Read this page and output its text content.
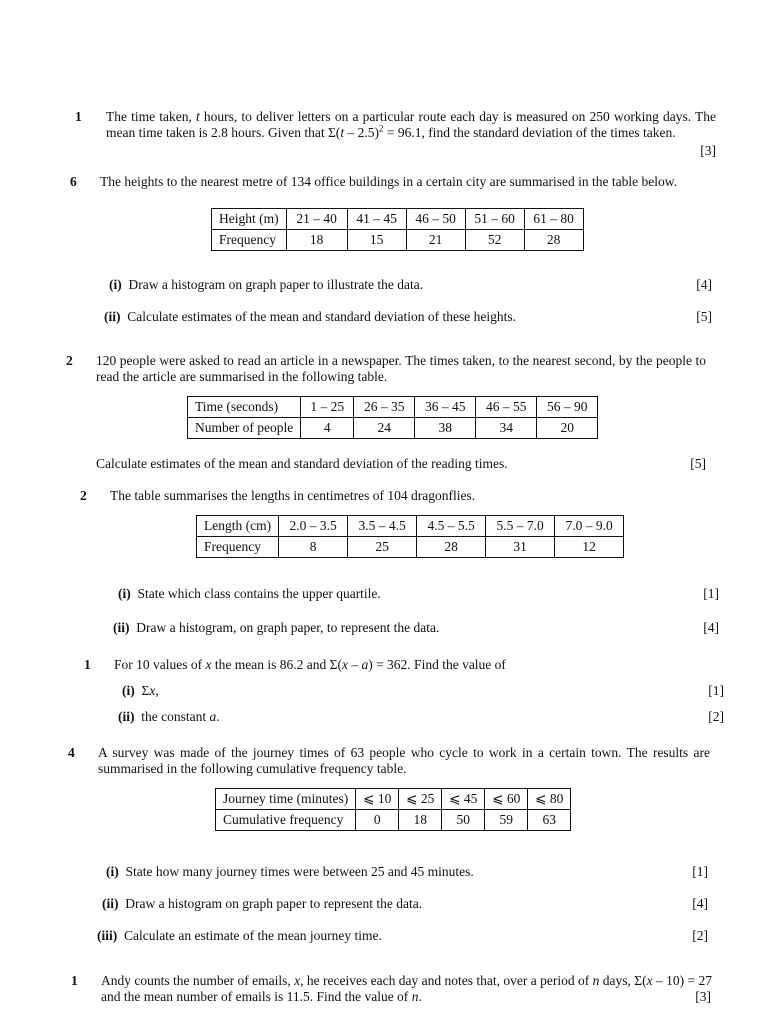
1 The time taken, t hours, to deliver letters on a particular route each day is measured on 250 working days. The mean time taken is 2.8 hours. Given that Σ(t – 2.5)$^2$ = 96.1, find the standard deviation of the times taken.
[3]
6 The heights to the nearest metre of 134 office buildings in a certain city are summarised in the table below.
Height (m)	21 – 40	41 – 45	46 – 50	51 – 60	61 – 80
Frequency	18	15	21	52	28
(i) Draw a histogram on graph paper to illustrate the data.	[4]
(ii) Calculate estimates of the mean and standard deviation of these heights.	[5]
2 120 people were asked to read an article in a newspaper. The times taken, to the nearest second, by the people to read the article are summarised in the following table.
Time (seconds)	1 – 25	26 – 35	36 – 45	46 – 55	56 – 90
Number of people	4	24	38	34	20
Calculate estimates of the mean and standard deviation of the reading times.	[5]
2 The table summarises the lengths in centimetres of 104 dragonflies.
Length (cm)	2.0 – 3.5	3.5 – 4.5	4.5 – 5.5	5.5 – 7.0	7.0 – 9.0
Frequency	8	25	28	31	12
(i) State which class contains the upper quartile.	[1]
(ii) Draw a histogram, on graph paper, to represent the data.	[4]
1 For 10 values of x the mean is 86.2 and Σ(x – a) = 362. Find the value of
(i) Σx,	[1]
(ii) the constant a.	[2]
4 A survey was made of the journey times of 63 people who cycle to work in a certain town. The results are summarised in the following cumulative frequency table.
Journey time (minutes)	⩽ 10	⩽ 25	⩽ 45	⩽ 60	⩽ 80
Cumulative frequency	0	18	50	59	63
(i) State how many journey times were between 25 and 45 minutes.	[1]
(ii) Draw a histogram on graph paper to represent the data.	[4]
(iii) Calculate an estimate of the mean journey time.	[2]
1 Andy counts the number of emails, x, he receives each day and notes that, over a period of n days, Σ(x – 10) = 27 and the mean number of emails is 11.5. Find the value of n.	[3]
